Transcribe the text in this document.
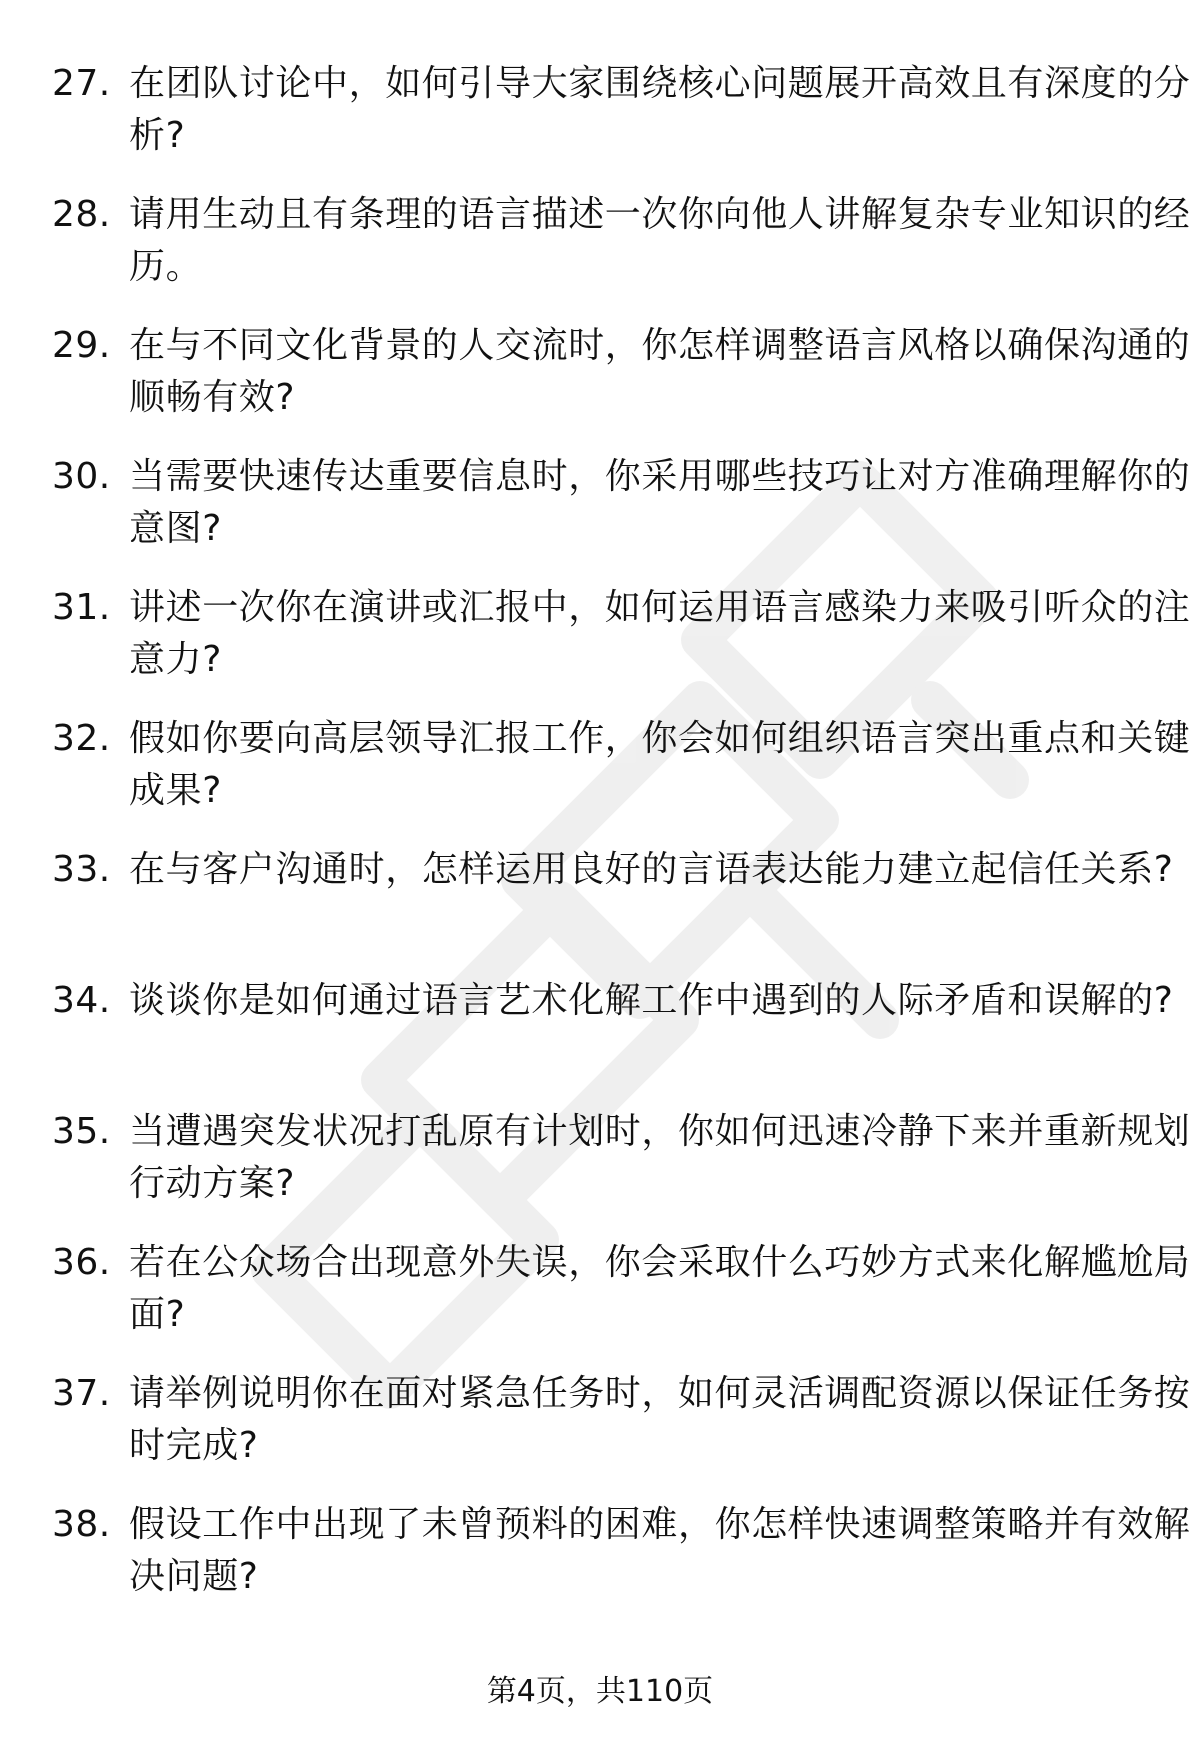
27. 在团队讨论中，如何引导大家围绕核心问题展开高效且有深度的分析?
28. 请用生动且有条理的语言描述一次你向他人讲解复杂专业知识的经历。
29. 在与不同文化背景的人交流时，你怎样调整语言风格以确保沟通的顺畅有效?
30. 当需要快速传达重要信息时，你采用哪些技巧让对方准确理解你的意图?
31. 讲述一次你在演讲或汇报中，如何运用语言感染力来吸引听众的注意力?
32. 假如你要向高层领导汇报工作，你会如何组织语言突出重点和关键成果?
33. 在与客户沟通时，怎样运用良好的言语表达能力建立起信任关系?
34. 谈谈你是如何通过语言艺术化解工作中遇到的人际矛盾和误解的?
35. 当遭遇突发状况打乱原有计划时，你如何迅速冷静下来并重新规划行动方案?
36. 若在公众场合出现意外失误，你会采取什么巧妙方式来化解尴尬局面?
37. 请举例说明你在面对紧急任务时，如何灵活调配资源以保证任务按时完成?
38. 假设工作中出现了未曾预料的困难，你怎样快速调整策略并有效解决问题?
第4页，共110页
